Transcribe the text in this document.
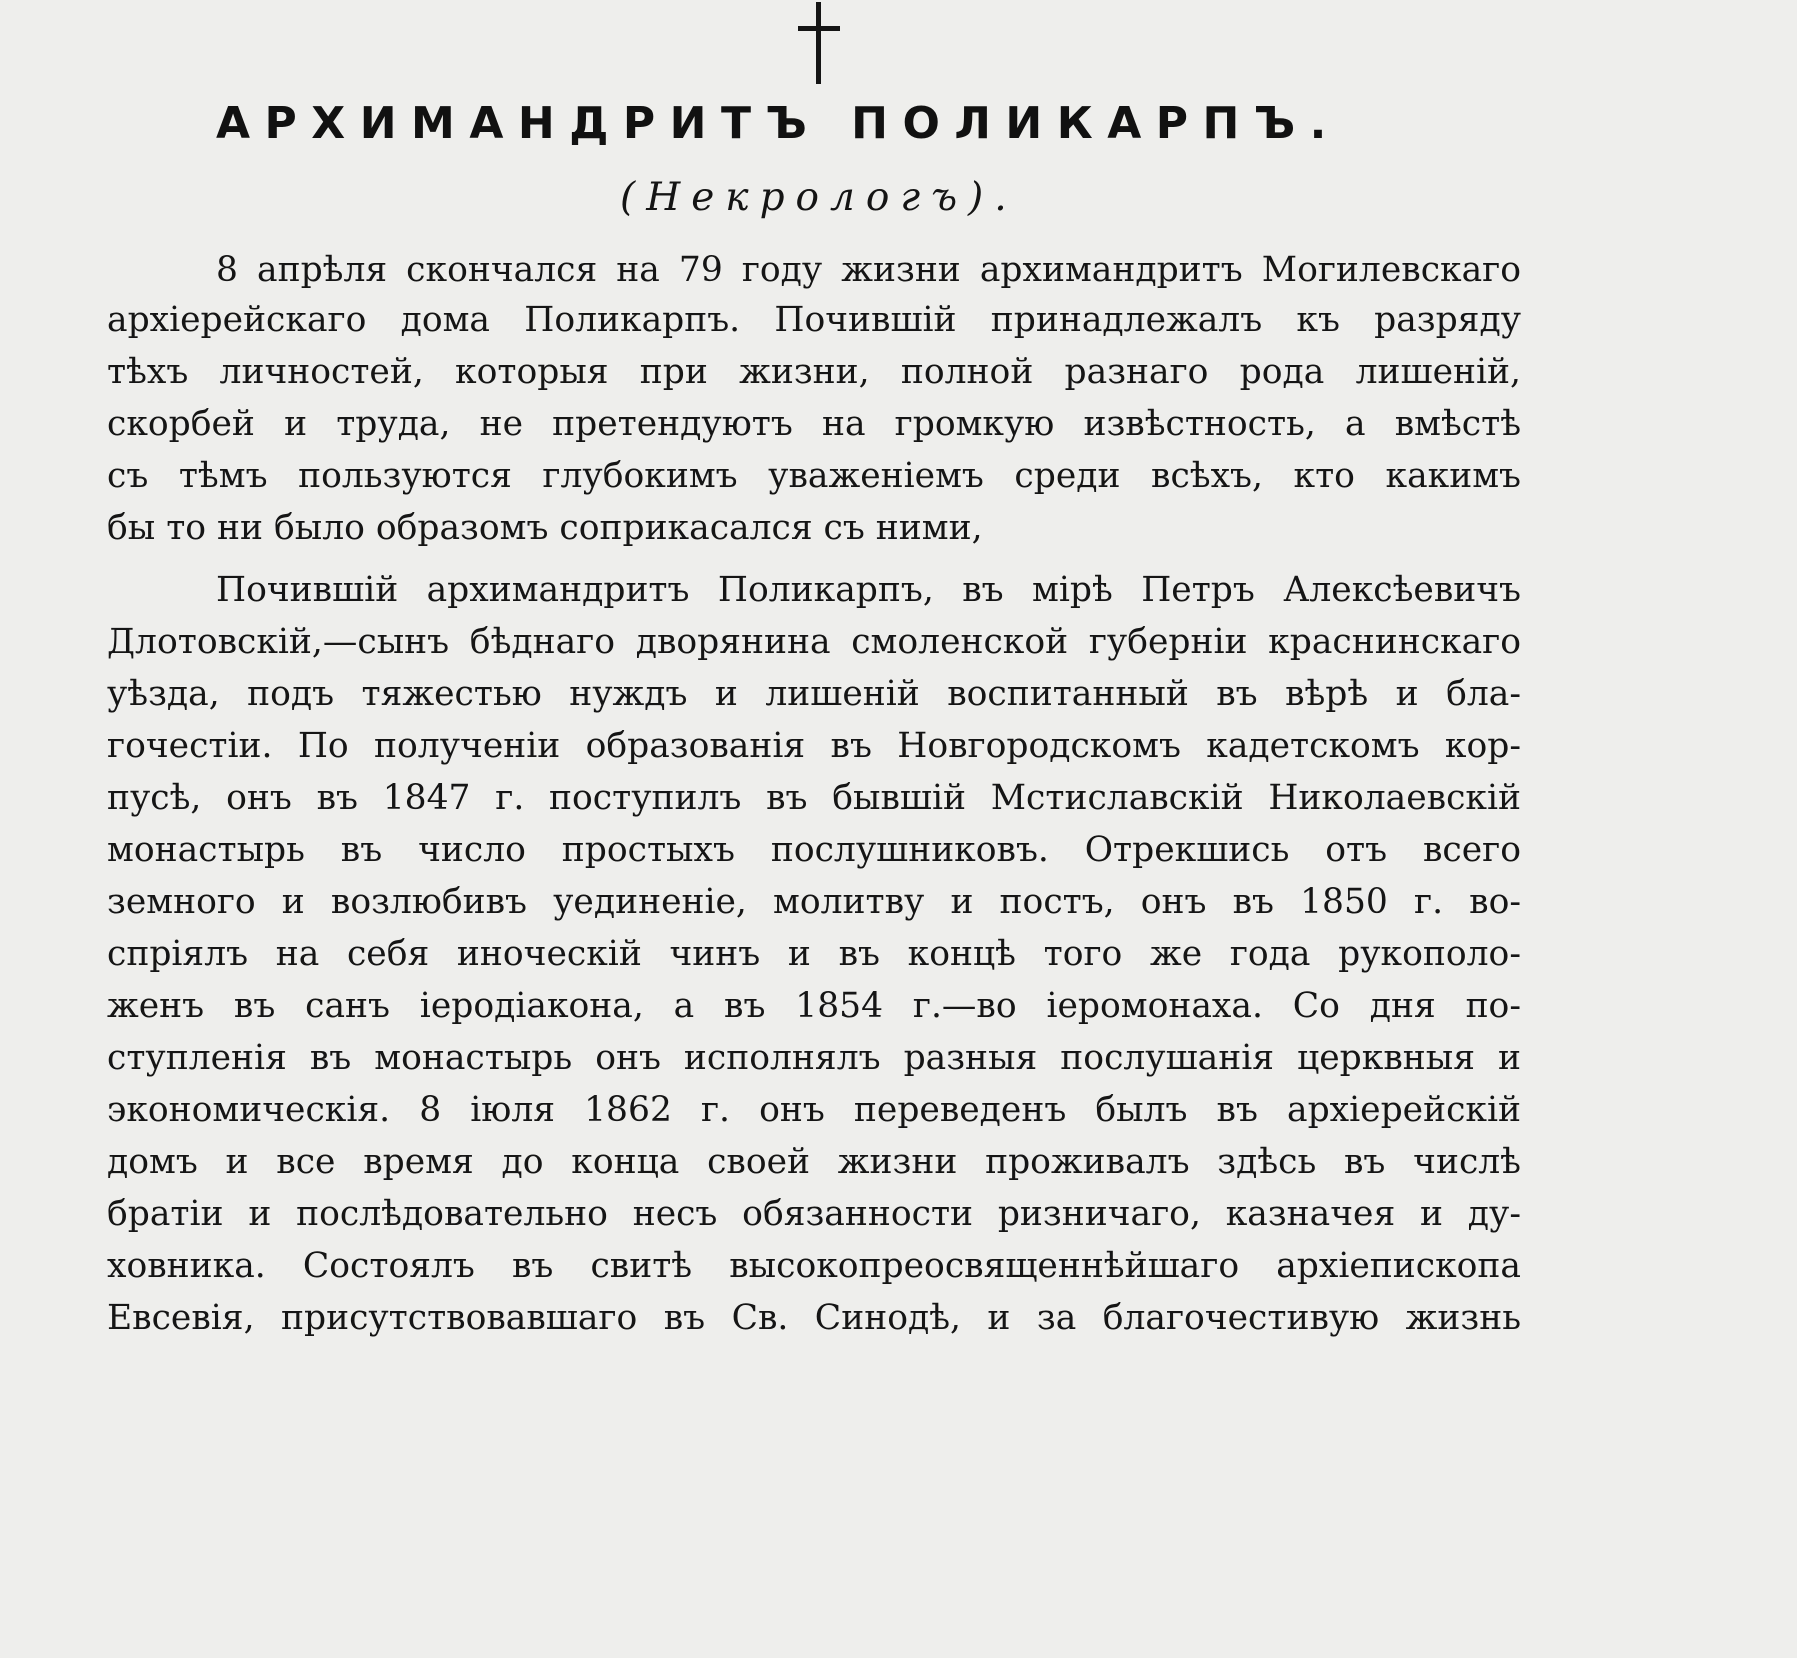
АРХИМАНДРИТЪ ПОЛИКАРПЪ.
(Некрологъ).
8 апрѣля скончался на 79 году жизни архимандритъ Могилевскаго
архіерейскаго дома Поликарпъ. Почившій принадлежалъ къ разряду
тѣхъ личностей, которыя при жизни, полной разнаго рода лишеній,
скорбей и труда, не претендуютъ на громкую извѣстность, а вмѣстѣ
съ тѣмъ пользуются глубокимъ уваженіемъ среди всѣхъ, кто какимъ
бы то ни было образомъ соприкасался съ ними,
Почившій архимандритъ Поликарпъ, въ мірѣ Петръ Алексѣевичъ
Длотовскій,—сынъ бѣднаго дворянина смоленской губерніи краснинскаго
уѣзда, подъ тяжестью нуждъ и лишеній воспитанный въ вѣрѣ и бла-
гочестіи. По полученіи образованія въ Новгородскомъ кадетскомъ кор-
пусѣ, онъ въ 1847 г. поступилъ въ бывшій Мстиславскій Николаевскій
монастырь въ число простыхъ послушниковъ. Отрекшись отъ всего
земного и возлюбивъ уединеніе, молитву и постъ, онъ въ 1850 г. во-
спріялъ на себя иноческій чинъ и въ концѣ того же года рукополо-
женъ въ санъ іеродіакона, а въ 1854 г.—во іеромонаха. Со дня по-
ступленія въ монастырь онъ исполнялъ разныя послушанія церквныя и
экономическія. 8 іюля 1862 г. онъ переведенъ былъ въ архіерейскій
домъ и все время до конца своей жизни проживалъ здѣсь въ числѣ
братіи и послѣдовательно несъ обязанности ризничаго, казначея и ду-
ховника. Состоялъ въ свитѣ высокопреосвященнѣйшаго архіепископа
Евсевія, присутствовавшаго въ Св. Синодѣ, и за благочестивую жизнь
